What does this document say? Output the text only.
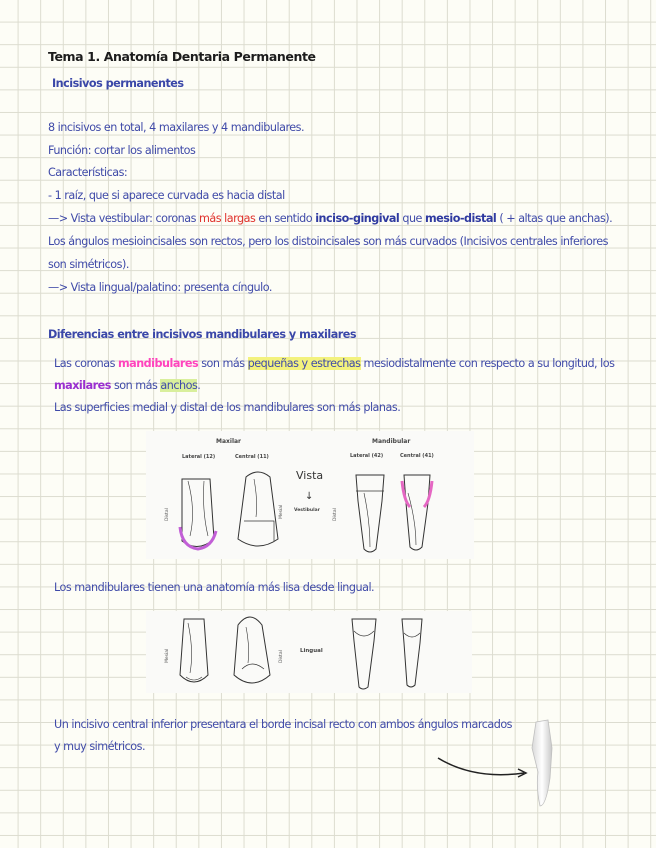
Tema 1. Anatomía Dentaria Permanente
Incisivos permanentes
8 incisivos en total, 4 maxilares y 4 mandibulares.
Función: cortar los alimentos
Características:
- 1 raíz, que si aparece curvada es hacia distal
—> Vista vestibular: coronas más largas en sentido inciso-gingival que mesio-distal ( + altas que anchas).
Los ángulos mesioincisales son rectos, pero los distoincisales son más curvados (Incisivos centrales inferiores
son simétricos).
—> Vista lingual/palatino: presenta cíngulo.
Diferencias entre incisivos mandibulares y maxilares
Las coronas mandibulares son más pequeñas y estrechas mesiodistalmente con respecto a su longitud, los
maxilares son más anchos.
Las superficies medial y distal de los mandibulares son más planas.
Maxilar	Mandibular
Lateral (12)	Central (11)	Lateral (42)	Central (41)
Vista
↓
Vestibular
Distal	Mesial	Distal
Los mandibulares tienen una anatomía más lisa desde lingual.
Mesial	Distal	Lingual
Un incisivo central inferior presentara el borde incisal recto con ambos ángulos marcados
y muy simétricos.
